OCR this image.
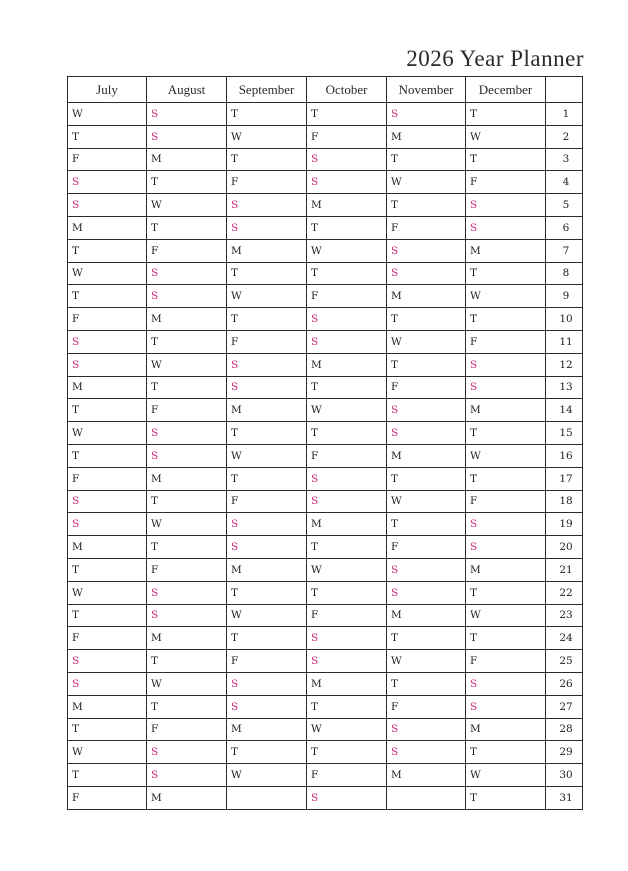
2026 Year Planner
July	August	September	October	November	December	
W	S	T	T	S	T	1
T	S	W	F	M	W	2
F	M	T	S	T	T	3
S	T	F	S	W	F	4
S	W	S	M	T	S	5
M	T	S	T	F	S	6
T	F	M	W	S	M	7
W	S	T	T	S	T	8
T	S	W	F	M	W	9
F	M	T	S	T	T	10
S	T	F	S	W	F	11
S	W	S	M	T	S	12
M	T	S	T	F	S	13
T	F	M	W	S	M	14
W	S	T	T	S	T	15
T	S	W	F	M	W	16
F	M	T	S	T	T	17
S	T	F	S	W	F	18
S	W	S	M	T	S	19
M	T	S	T	F	S	20
T	F	M	W	S	M	21
W	S	T	T	S	T	22
T	S	W	F	M	W	23
F	M	T	S	T	T	24
S	T	F	S	W	F	25
S	W	S	M	T	S	26
M	T	S	T	F	S	27
T	F	M	W	S	M	28
W	S	T	T	S	T	29
T	S	W	F	M	W	30
F	M		S		T	31
